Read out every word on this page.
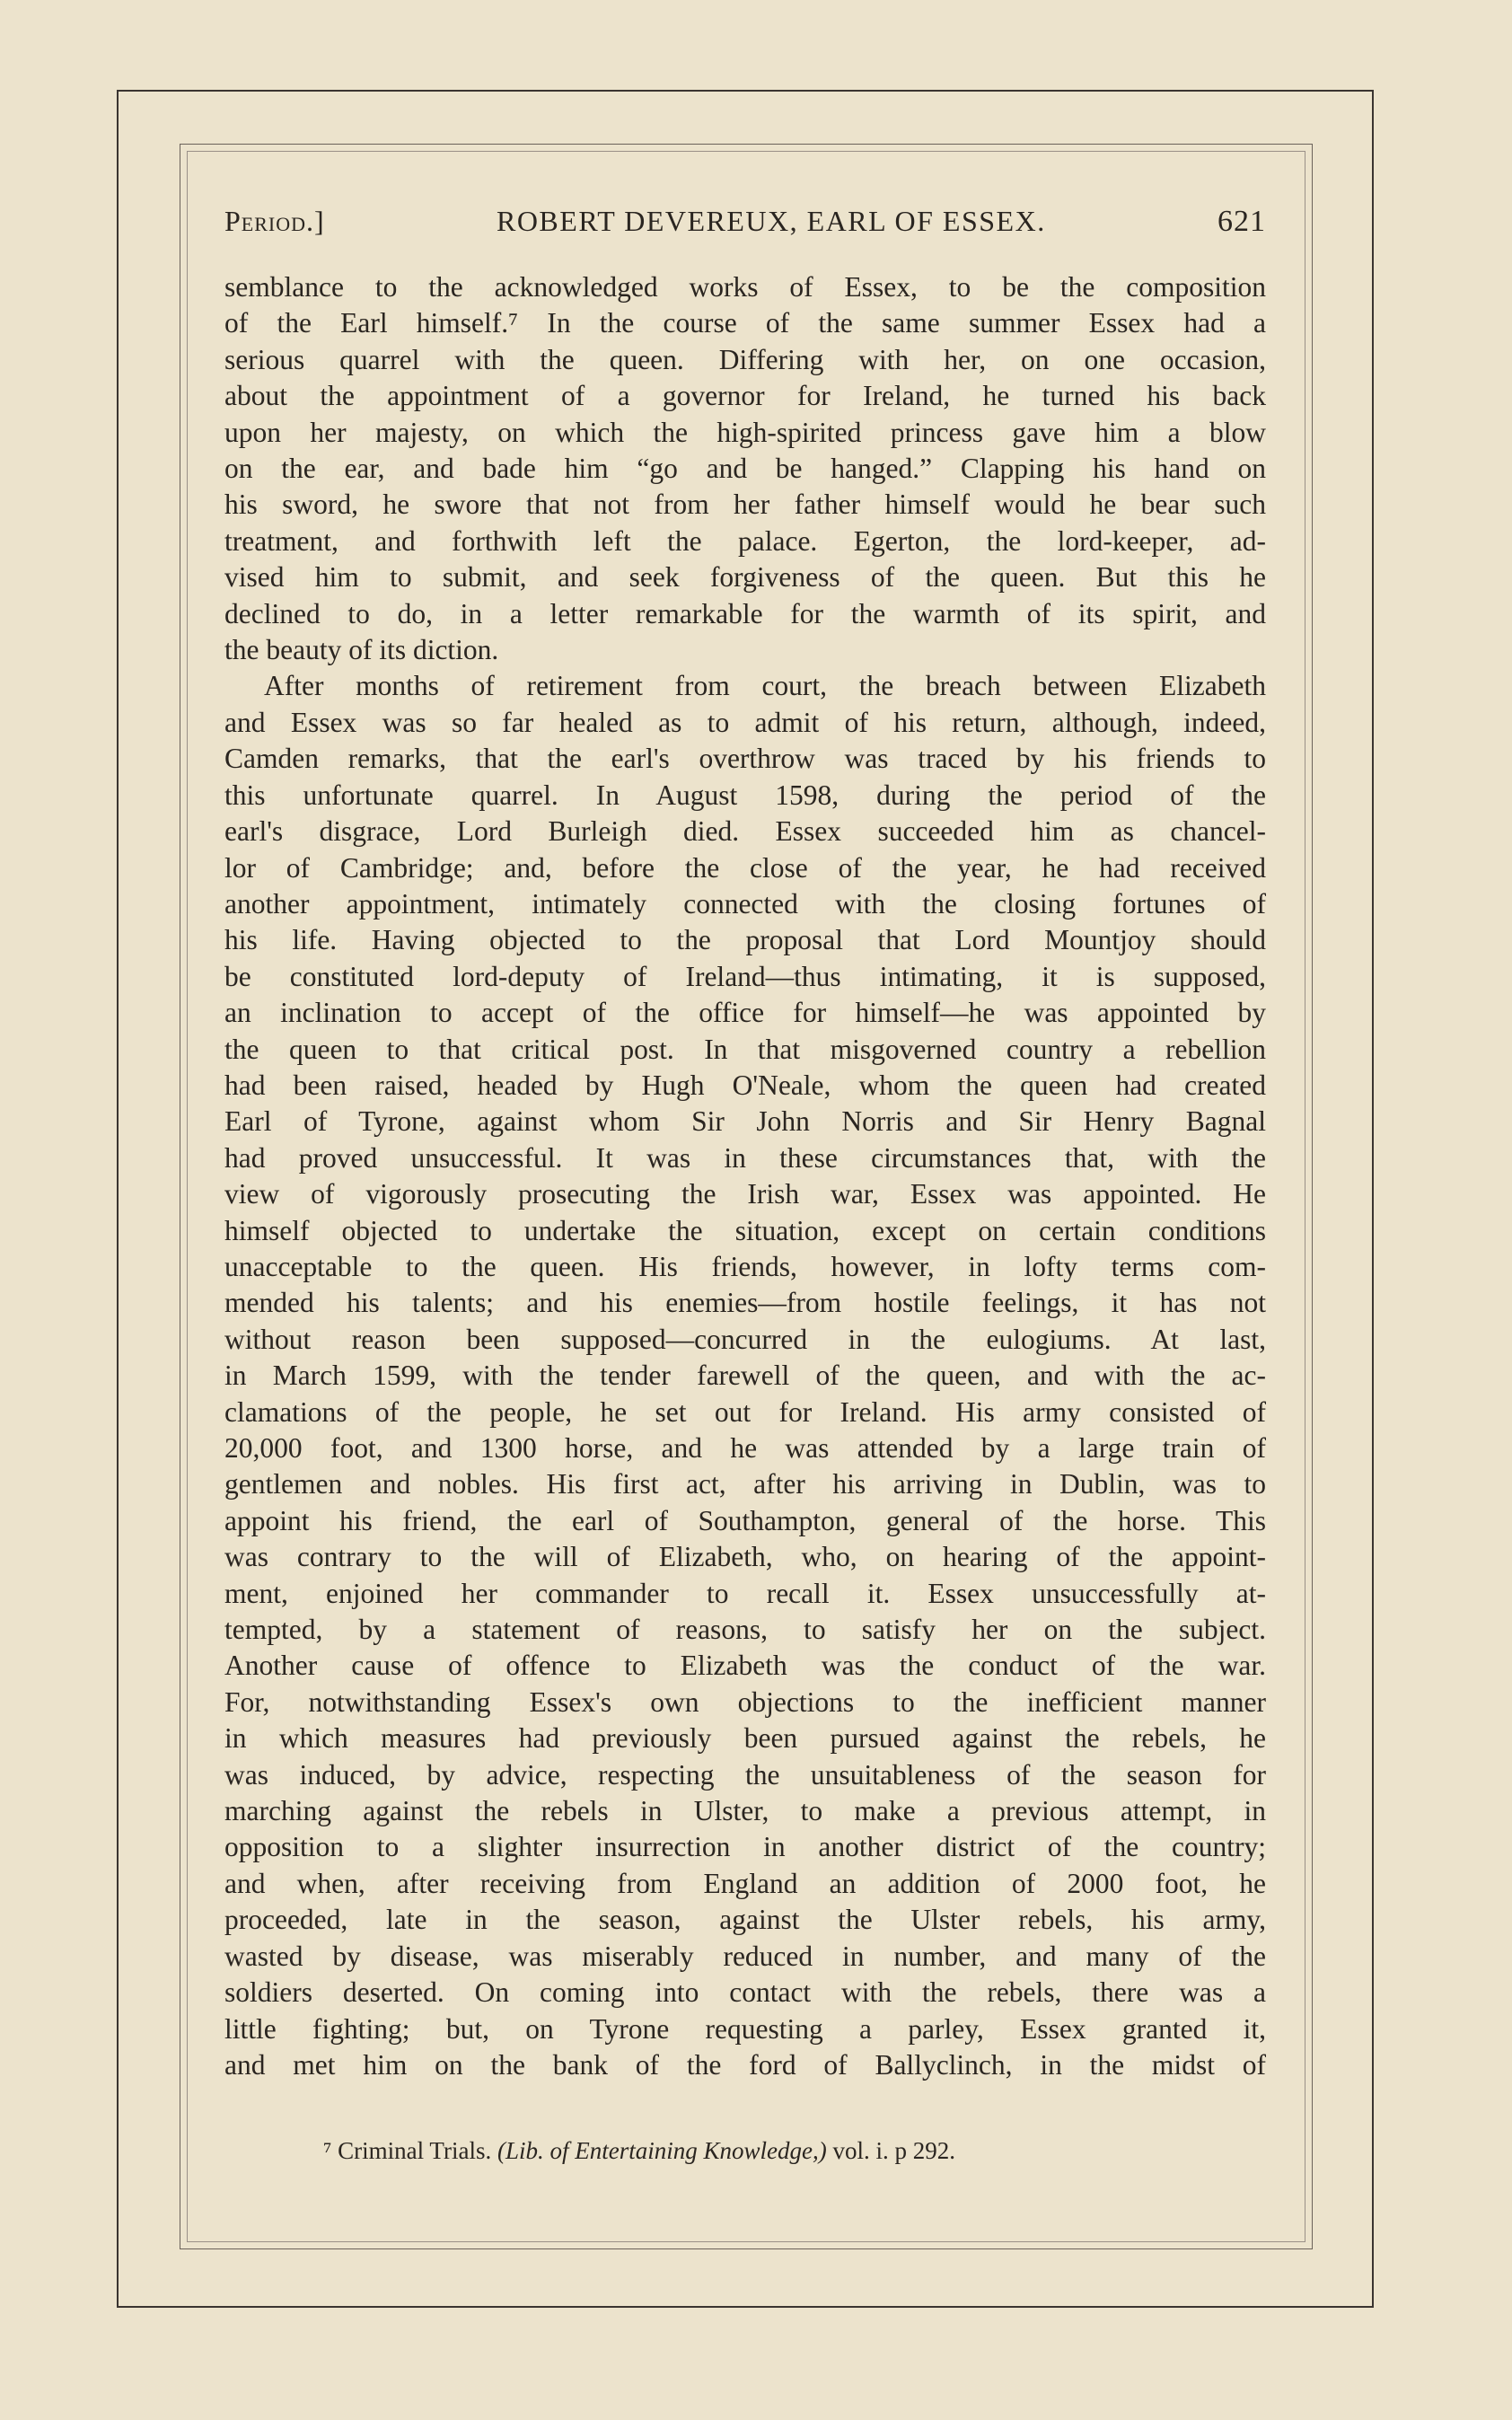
Period.]	ROBERT DEVEREUX, EARL OF ESSEX.	621
semblance to the acknowledged works of Essex, to be the composition
of the Earl himself.⁷ In the course of the same summer Essex had a
serious quarrel with the queen. Differing with her, on one occasion,
about the appointment of a governor for Ireland, he turned his back
upon her majesty, on which the high-spirited princess gave him a blow
on the ear, and bade him “go and be hanged.” Clapping his hand on
his sword, he swore that not from her father himself would he bear such
treatment, and forthwith left the palace. Egerton, the lord-keeper, ad-
vised him to submit, and seek forgiveness of the queen. But this he
declined to do, in a letter remarkable for the warmth of its spirit, and
the beauty of its diction.
After months of retirement from court, the breach between Elizabeth
and Essex was so far healed as to admit of his return, although, indeed,
Camden remarks, that the earl's overthrow was traced by his friends to
this unfortunate quarrel. In August 1598, during the period of the
earl's disgrace, Lord Burleigh died. Essex succeeded him as chancel-
lor of Cambridge; and, before the close of the year, he had received
another appointment, intimately connected with the closing fortunes of
his life. Having objected to the proposal that Lord Mountjoy should
be constituted lord-deputy of Ireland—thus intimating, it is supposed,
an inclination to accept of the office for himself—he was appointed by
the queen to that critical post. In that misgoverned country a rebellion
had been raised, headed by Hugh O'Neale, whom the queen had created
Earl of Tyrone, against whom Sir John Norris and Sir Henry Bagnal
had proved unsuccessful. It was in these circumstances that, with the
view of vigorously prosecuting the Irish war, Essex was appointed. He
himself objected to undertake the situation, except on certain conditions
unacceptable to the queen. His friends, however, in lofty terms com-
mended his talents; and his enemies—from hostile feelings, it has not
without reason been supposed—concurred in the eulogiums. At last,
in March 1599, with the tender farewell of the queen, and with the ac-
clamations of the people, he set out for Ireland. His army consisted of
20,000 foot, and 1300 horse, and he was attended by a large train of
gentlemen and nobles. His first act, after his arriving in Dublin, was to
appoint his friend, the earl of Southampton, general of the horse. This
was contrary to the will of Elizabeth, who, on hearing of the appoint-
ment, enjoined her commander to recall it. Essex unsuccessfully at-
tempted, by a statement of reasons, to satisfy her on the subject.
Another cause of offence to Elizabeth was the conduct of the war.
For, notwithstanding Essex's own objections to the inefficient manner
in which measures had previously been pursued against the rebels, he
was induced, by advice, respecting the unsuitableness of the season for
marching against the rebels in Ulster, to make a previous attempt, in
opposition to a slighter insurrection in another district of the country;
and when, after receiving from England an addition of 2000 foot, he
proceeded, late in the season, against the Ulster rebels, his army,
wasted by disease, was miserably reduced in number, and many of the
soldiers deserted. On coming into contact with the rebels, there was a
little fighting; but, on Tyrone requesting a parley, Essex granted it,
and met him on the bank of the ford of Ballyclinch, in the midst of
⁷ Criminal Trials. (Lib. of Entertaining Knowledge,) vol. i. p 292.
